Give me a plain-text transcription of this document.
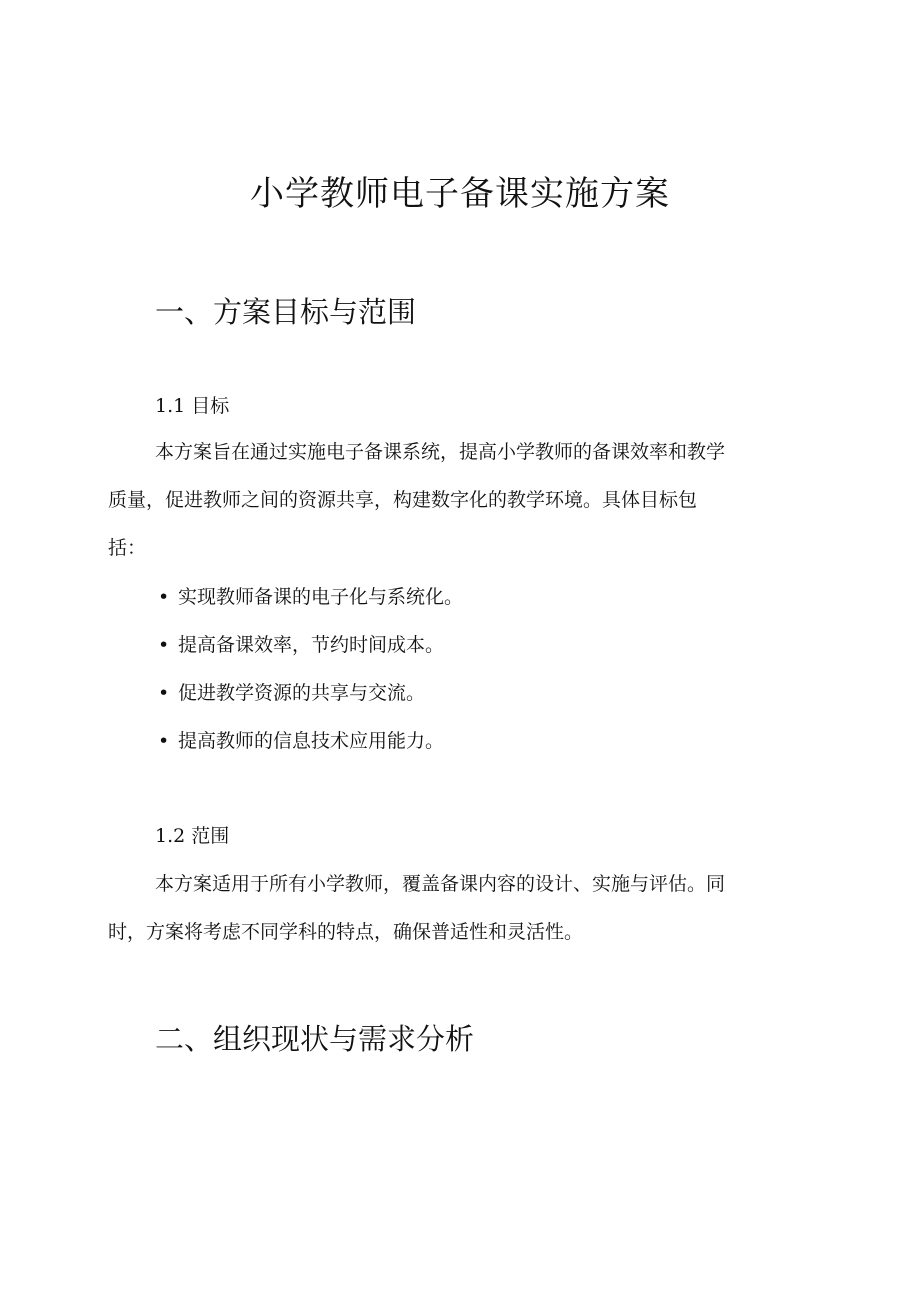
小学教师电子备课实施方案
一、方案目标与范围
1.1 目标
本方案旨在通过实施电子备课系统，提高小学教师的备课效率和教学
质量，促进教师之间的资源共享，构建数字化的教学环境。具体目标包
括：
• 实现教师备课的电子化与系统化。
• 提高备课效率，节约时间成本。
• 促进教学资源的共享与交流。
• 提高教师的信息技术应用能力。
1.2 范围
本方案适用于所有小学教师，覆盖备课内容的设计、实施与评估。同
时，方案将考虑不同学科的特点，确保普适性和灵活性。
二、组织现状与需求分析
